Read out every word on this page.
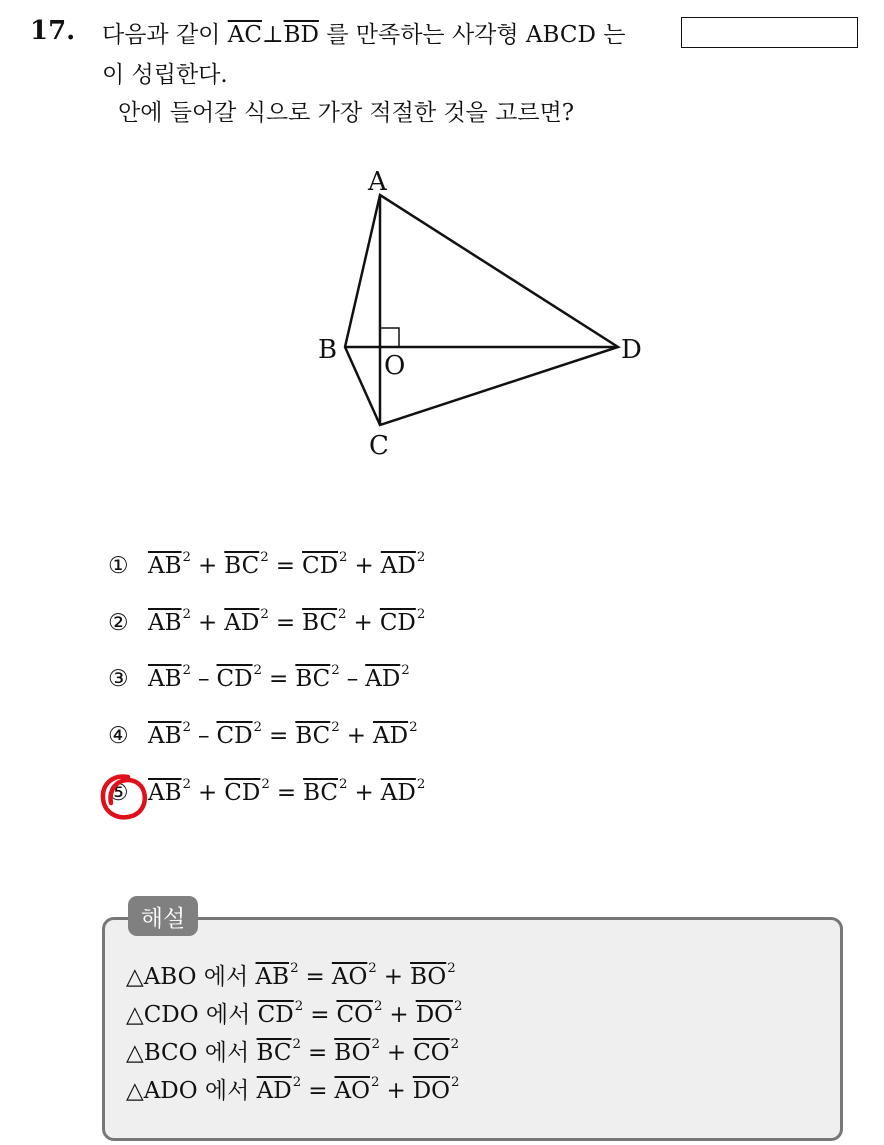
17. 다음과 같이 $\overline{AC}\perp\overline{BD}$ 를 만족하는 사각형 ABCD 는
이 성립한다.
안에 들어갈 식으로 가장 적절한 것을 고르면?
A
B
C
D
O
① $\overline{AB}^2 + \overline{BC}^2 = \overline{CD}^2 + \overline{AD}^2$
② $\overline{AB}^2 + \overline{AD}^2 = \overline{BC}^2 + \overline{CD}^2$
③ $\overline{AB}^2 - \overline{CD}^2 = \overline{BC}^2 - \overline{AD}^2$
④ $\overline{AB}^2 - \overline{CD}^2 = \overline{BC}^2 + \overline{AD}^2$
⑤ $\overline{AB}^2 + \overline{CD}^2 = \overline{BC}^2 + \overline{AD}^2$
해설
△ABO 에서 $\overline{AB}^2 = \overline{AO}^2 + \overline{BO}^2$
△CDO 에서 $\overline{CD}^2 = \overline{CO}^2 + \overline{DO}^2$
△BCO 에서 $\overline{BC}^2 = \overline{BO}^2 + \overline{CO}^2$
△ADO 에서 $\overline{AD}^2 = \overline{AO}^2 + \overline{DO}^2$
